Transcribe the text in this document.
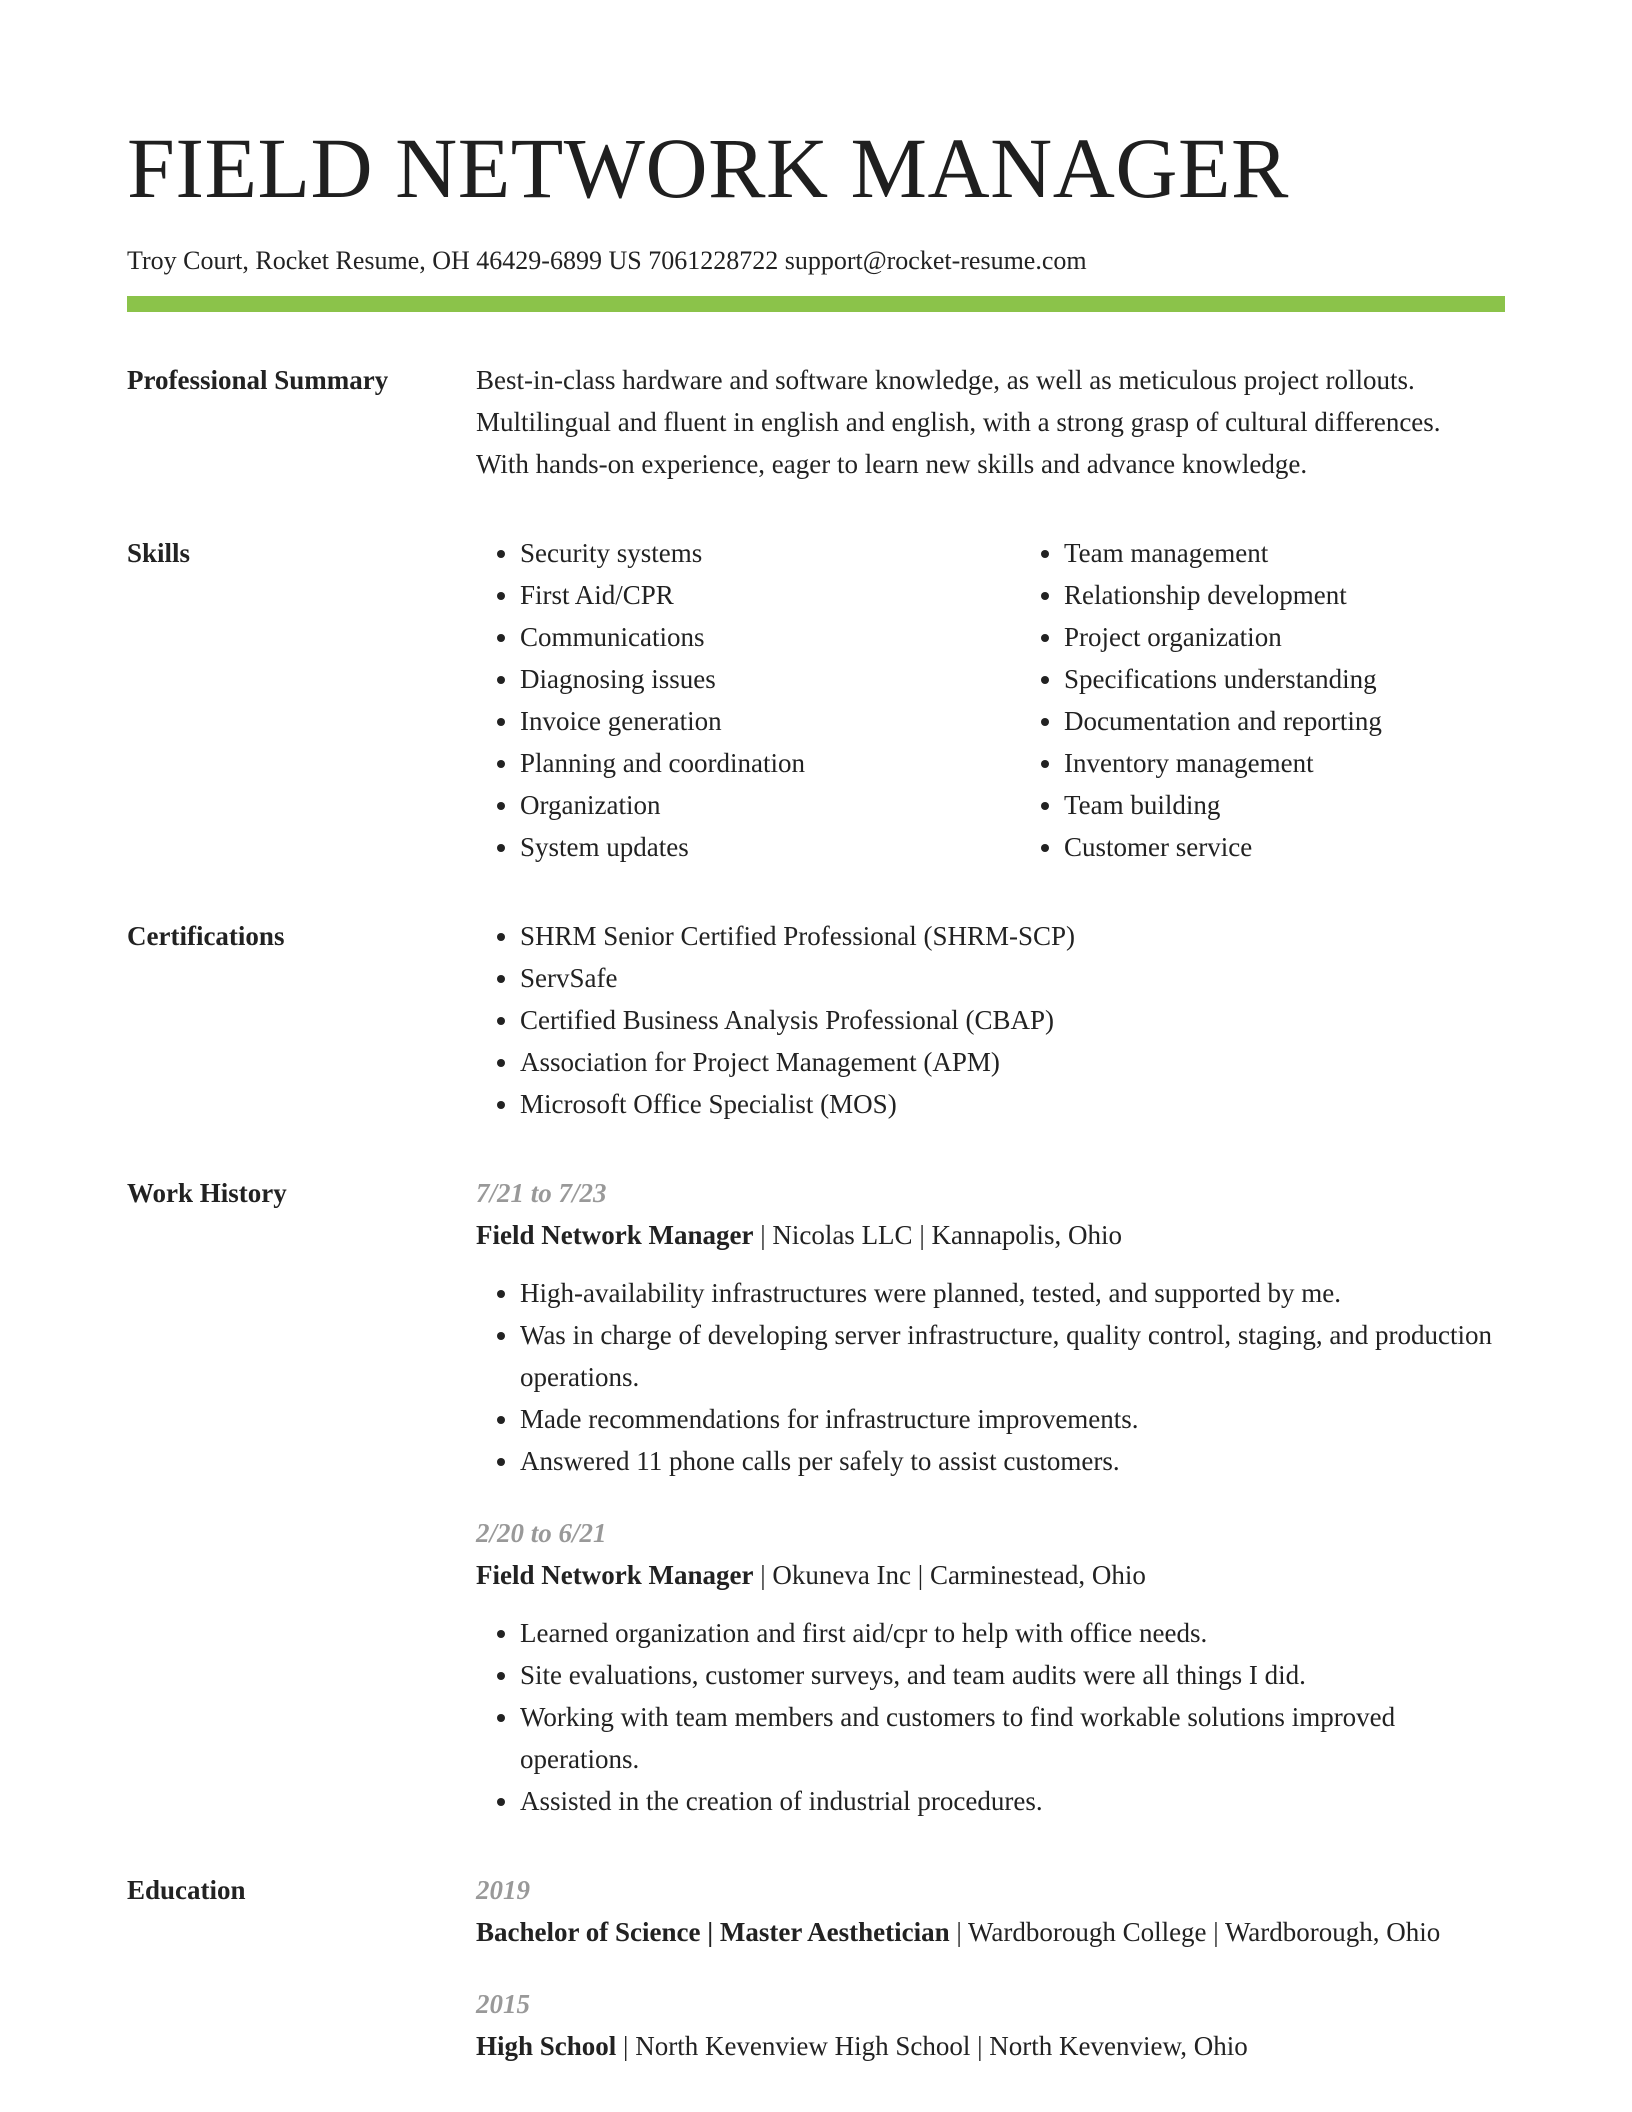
FIELD NETWORK MANAGER
Troy Court, Rocket Resume, OH 46429-6899 US 7061228722 support@rocket-resume.com
Professional Summary	Best-in-class hardware and software knowledge, as well as meticulous project rollouts. Multilingual and fluent in english and english, with a strong grasp of cultural differences. With hands-on experience, eager to learn new skills and advance knowledge.

Skills	• Security systems
• First Aid/CPR
• Communications
• Diagnosing issues
• Invoice generation
• Planning and coordination
• Organization
• System updates
• Team management
• Relationship development
• Project organization
• Specifications understanding
• Documentation and reporting
• Inventory management
• Team building
• Customer service
Certifications	• SHRM Senior Certified Professional (SHRM-SCP)
• ServSafe
• Certified Business Analysis Professional (CBAP)
• Association for Project Management (APM)
• Microsoft Office Specialist (MOS)
Work History	7/21 to 7/23
Field Network Manager | Nicolas LLC | Kannapolis, Ohio
• High-availability infrastructures were planned, tested, and supported by me.
• Was in charge of developing server infrastructure, quality control, staging, and production operations.
• Made recommendations for infrastructure improvements.
• Answered 11 phone calls per safely to assist customers.
2/20 to 6/21
Field Network Manager | Okuneva Inc | Carminestead, Ohio
• Learned organization and first aid/cpr to help with office needs.
• Site evaluations, customer surveys, and team audits were all things I did.
• Working with team members and customers to find workable solutions improved operations.
• Assisted in the creation of industrial procedures.
Education	2019
Bachelor of Science | Master Aesthetician | Wardborough College | Wardborough, Ohio
2015
High School | North Kevenview High School | North Kevenview, Ohio
